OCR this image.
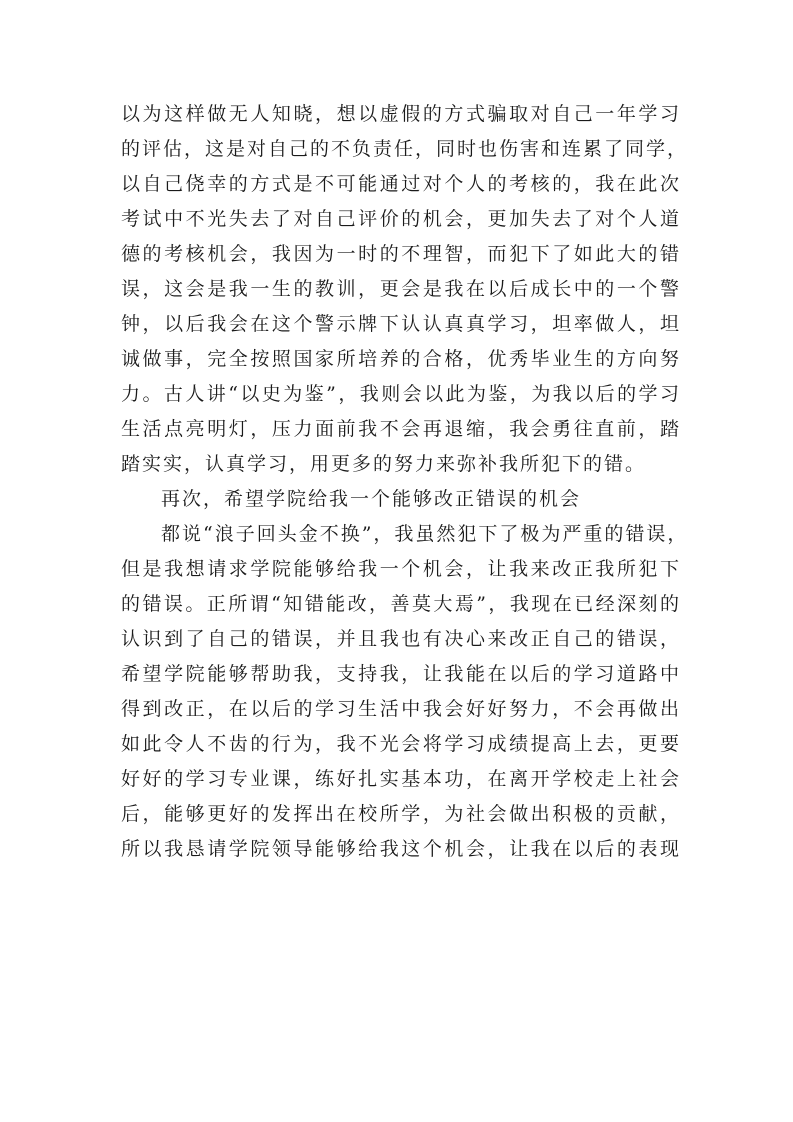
以为这样做无人知晓，想以虚假的方式骗取对自己一年学习
的评估，这是对自己的不负责任，同时也伤害和连累了同学，
以自己侥幸的方式是不可能通过对个人的考核的，我在此次
考试中不光失去了对自己评价的机会，更加失去了对个人道
德的考核机会，我因为一时的不理智，而犯下了如此大的错
误，这会是我一生的教训，更会是我在以后成长中的一个警
钟，以后我会在这个警示牌下认认真真学习，坦率做人，坦
诚做事，完全按照国家所培养的合格，优秀毕业生的方向努
力。古人讲“以史为鉴”，我则会以此为鉴，为我以后的学习
生活点亮明灯，压力面前我不会再退缩，我会勇往直前，踏
踏实实，认真学习，用更多的努力来弥补我所犯下的错。
再次，希望学院给我一个能够改正错误的机会
都说“浪子回头金不换”，我虽然犯下了极为严重的错误，
但是我想请求学院能够给我一个机会，让我来改正我所犯下
的错误。正所谓“知错能改，善莫大焉”，我现在已经深刻的
认识到了自己的错误，并且我也有决心来改正自己的错误，
希望学院能够帮助我，支持我，让我能在以后的学习道路中
得到改正，在以后的学习生活中我会好好努力，不会再做出
如此令人不齿的行为，我不光会将学习成绩提高上去，更要
好好的学习专业课，练好扎实基本功，在离开学校走上社会
后，能够更好的发挥出在校所学，为社会做出积极的贡献，
所以我恳请学院领导能够给我这个机会，让我在以后的表现
